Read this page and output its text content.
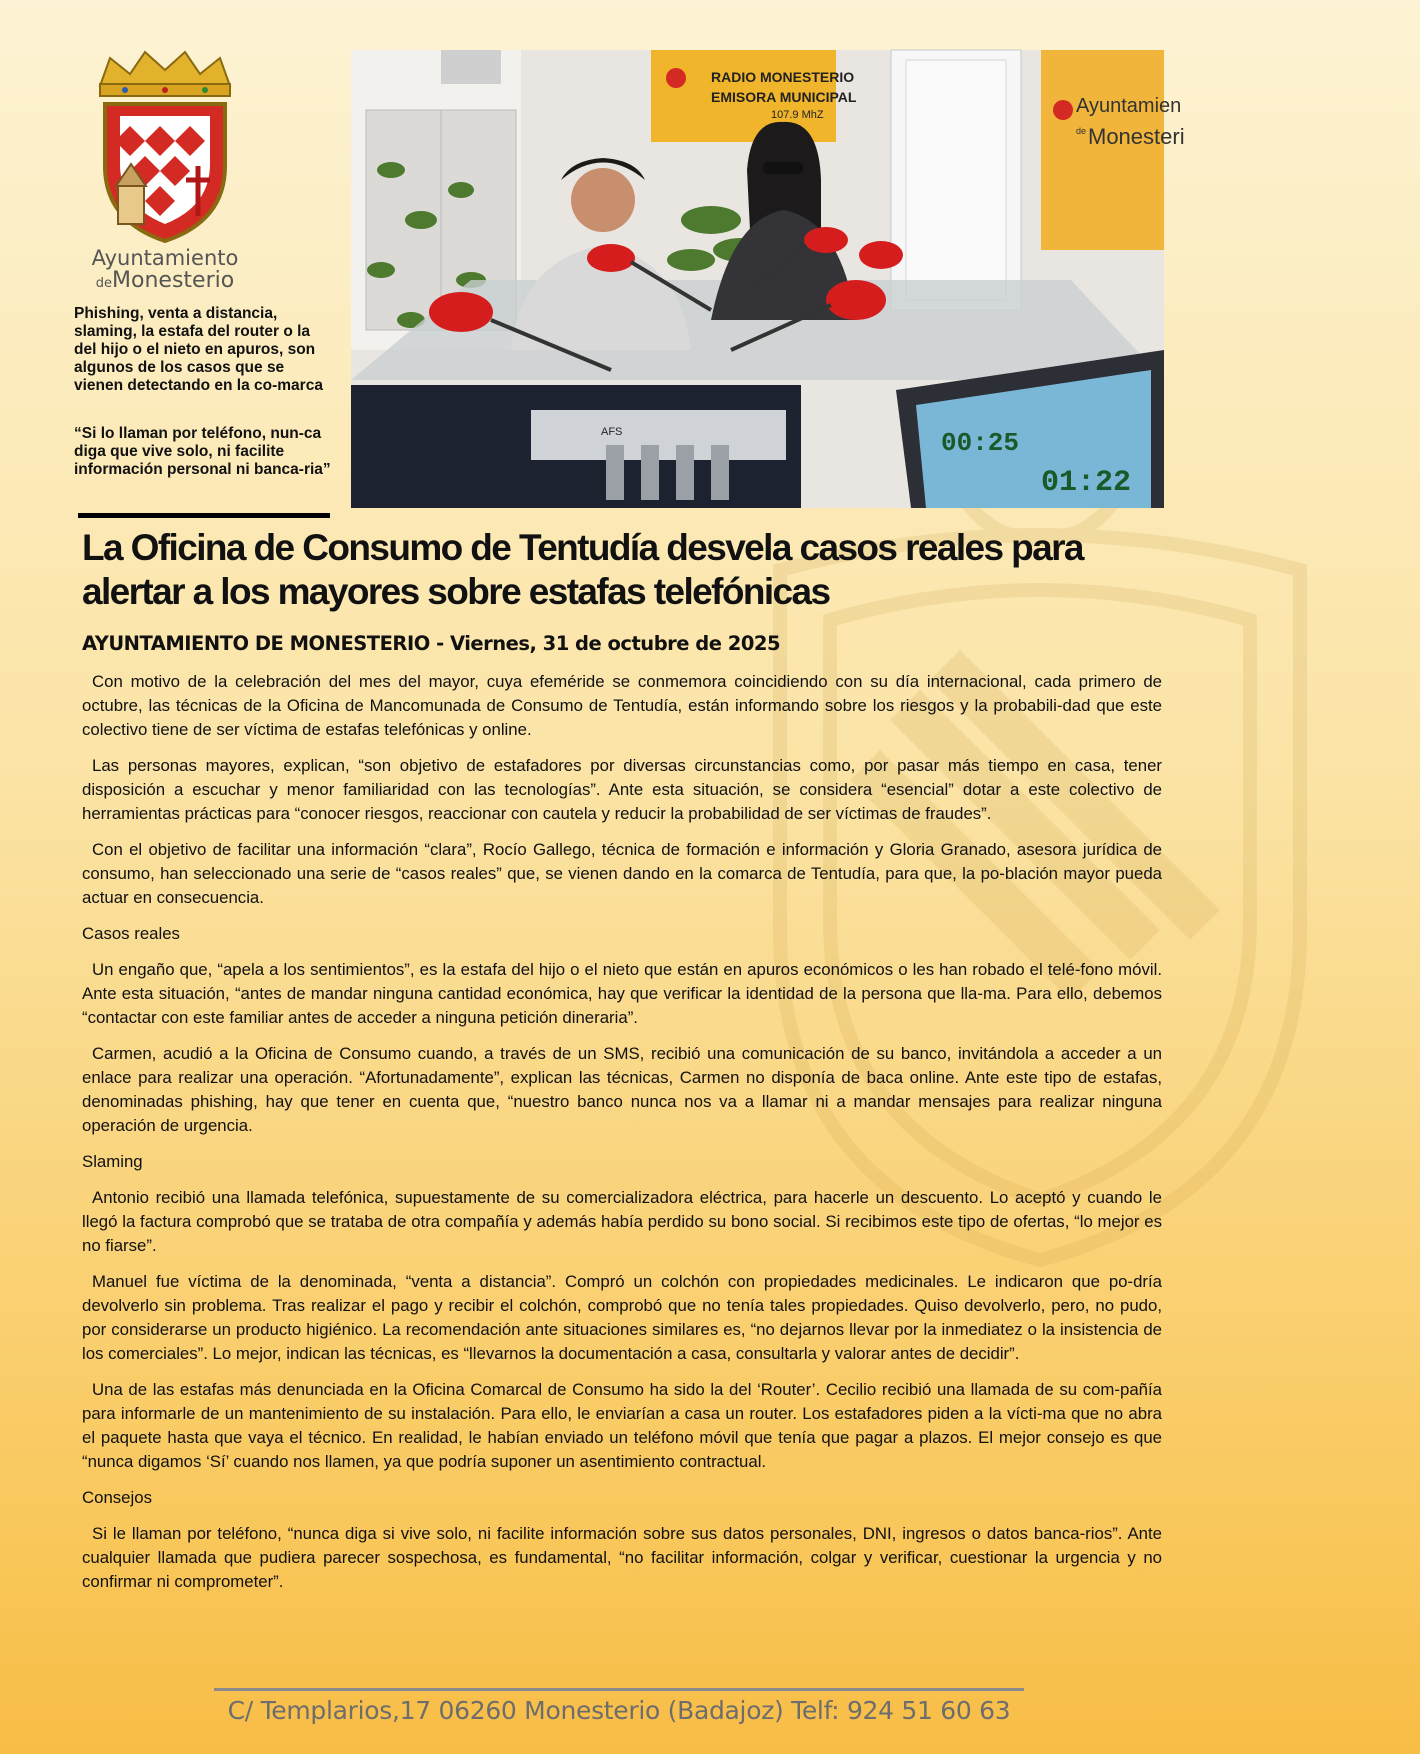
Ayuntamiento
deMonesterio
RADIO MONESTERIO
EMISORA MUNICIPAL
107.9 MhZ	Ayuntamien
de Monesteri
AFS	00:25
01:22
Phishing, venta a distancia, slaming, la estafa del router o la del hijo o el nieto en apuros, son algunos de los casos que se vienen detectando en la co-marca
“Si lo llaman por teléfono, nun-ca diga que vive solo, ni facilite información personal ni banca-ria”
La Oficina de Consumo de Tentudía desvela casos reales para alertar a los mayores sobre estafas telefónicas

AYUNTAMIENTO DE MONESTERIO - Viernes, 31 de octubre de 2025

Con motivo de la celebración del mes del mayor, cuya efeméride se conmemora coincidiendo con su día internacional, cada primero de octubre, las técnicas de la Oficina de Mancomunada de Consumo de Tentudía, están informando sobre los riesgos y la probabili-dad que este colectivo tiene de ser víctima de estafas telefónicas y online.

Las personas mayores, explican, “son objetivo de estafadores por diversas circunstancias como, por pasar más tiempo en casa, tener disposición a escuchar y menor familiaridad con las tecnologías”. Ante esta situación, se considera “esencial” dotar a este colectivo de herramientas prácticas para “conocer riesgos, reaccionar con cautela y reducir la probabilidad de ser víctimas de fraudes”.

Con el objetivo de facilitar una información “clara”, Rocío Gallego, técnica de formación e información y Gloria Granado, asesora jurídica de consumo, han seleccionado una serie de “casos reales” que, se vienen dando en la comarca de Tentudía, para que, la po-blación mayor pueda actuar en consecuencia.

Casos reales

Un engaño que, “apela a los sentimientos”, es la estafa del hijo o el nieto que están en apuros económicos o les han robado el telé-fono móvil. Ante esta situación, “antes de mandar ninguna cantidad económica, hay que verificar la identidad de la persona que lla-ma. Para ello, debemos “contactar con este familiar antes de acceder a ninguna petición dineraria”.

Carmen, acudió a la Oficina de Consumo cuando, a través de un SMS, recibió una comunicación de su banco, invitándola a acceder a un enlace para realizar una operación. “Afortunadamente”, explican las técnicas, Carmen no disponía de baca online. Ante este tipo de estafas, denominadas phishing, hay que tener en cuenta que, “nuestro banco nunca nos va a llamar ni a mandar mensajes para realizar ninguna operación de urgencia.

Slaming

Antonio recibió una llamada telefónica, supuestamente de su comercializadora eléctrica, para hacerle un descuento. Lo aceptó y cuando le llegó la factura comprobó que se trataba de otra compañía y además había perdido su bono social. Si recibimos este tipo de ofertas, “lo mejor es no fiarse”.

Manuel fue víctima de la denominada, “venta a distancia”. Compró un colchón con propiedades medicinales. Le indicaron que po-dría devolverlo sin problema. Tras realizar el pago y recibir el colchón, comprobó que no tenía tales propiedades. Quiso devolverlo, pero, no pudo, por considerarse un producto higiénico. La recomendación ante situaciones similares es, “no dejarnos llevar por la inmediatez o la insistencia de los comerciales”. Lo mejor, indican las técnicas, es “llevarnos la documentación a casa, consultarla y valorar antes de decidir”.

Una de las estafas más denunciada en la Oficina Comarcal de Consumo ha sido la del ‘Router’. Cecilio recibió una llamada de su com-pañía para informarle de un mantenimiento de su instalación. Para ello, le enviarían a casa un router. Los estafadores piden a la vícti-ma que no abra el paquete hasta que vaya el técnico. En realidad, le habían enviado un teléfono móvil que tenía que pagar a plazos. El mejor consejo es que “nunca digamos ‘Sí’ cuando nos llamen, ya que podría suponer un asentimiento contractual.

Consejos

Si le llaman por teléfono, “nunca diga si vive solo, ni facilite información sobre sus datos personales, DNI, ingresos o datos banca-rios”. Ante cualquier llamada que pudiera parecer sospechosa, es fundamental, “no facilitar información, colgar y verificar, cuestionar la urgencia y no confirmar ni comprometer”.

C/ Templarios,17 06260 Monesterio (Badajoz) Telf: 924 51 60 63
